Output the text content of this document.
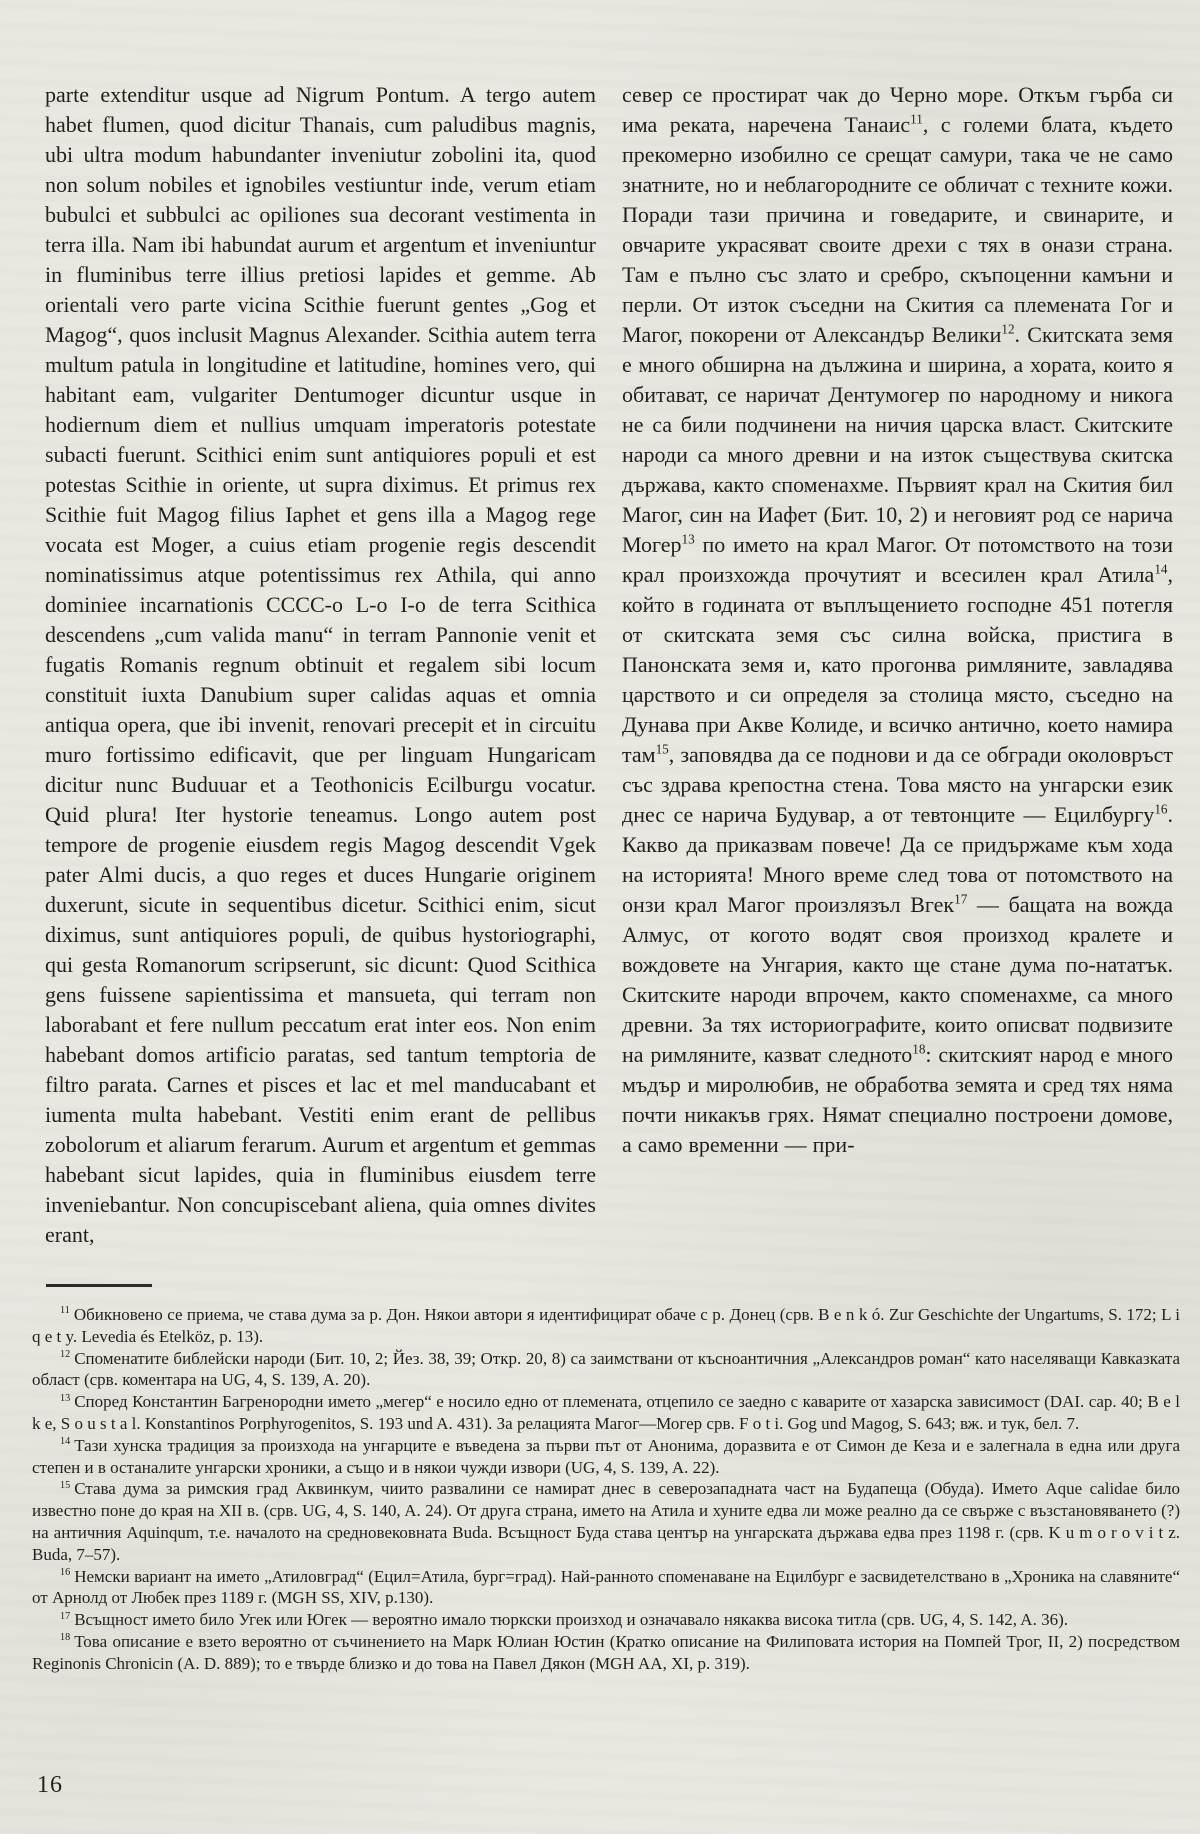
parte extenditur usque ad Nigrum Pontum. A tergo autem habet flumen, quod dicitur Thanais, cum paludibus magnis, ubi ultra modum habundanter inveniutur zobolini ita, quod non solum nobiles et ignobiles vestiuntur inde, verum etiam bubulci et subbulci ac opiliones sua decorant vestimenta in terra illa. Nam ibi habundat aurum et argentum et inveniuntur in fluminibus terre illius pretiosi lapides et gemme. Ab orientali vero parte vicina Scithie fuerunt gentes „Gog et Magog“, quos inclusit Magnus Alexander. Scithia autem terra multum patula in longitudine et latitudine, homines vero, qui habitant eam, vulgariter Dentumoger dicuntur usque in hodiernum diem et nullius umquam imperatoris potestate subacti fuerunt. Scithici enim sunt antiquiores populi et est potestas Scithie in oriente, ut supra diximus. Et primus rex Scithie fuit Magog filius Iaphet et gens illa a Magog rege vocata est Moger, a cuius etiam progenie regis descendit nominatissimus atque potentissimus rex Athila, qui anno dominiee incarnationis CCCC-o L-o I-o de terra Scithica descendens „cum valida manu“ in terram Pannonie venit et fugatis Romanis regnum obtinuit et regalem sibi locum constituit iuxta Danubium super calidas aquas et omnia antiqua opera, que ibi invenit, renovari precepit et in circuitu muro fortissimo edificavit, que per linguam Hungaricam dicitur nunc Buduuar et a Teothonicis Ecilburgu vocatur. Quid plura! Iter hystorie teneamus. Longo autem post tempore de progenie eiusdem regis Magog descendit Vgek pater Almi ducis, a quo reges et duces Hungarie originem duxerunt, sicute in sequentibus dicetur. Scithici enim, sicut diximus, sunt antiquiores populi, de quibus hystoriographi, qui gesta Romanorum scripserunt, sic dicunt: Quod Scithica gens fuissene sapientissima et mansueta, qui terram non laborabant et fere nullum peccatum erat inter eos. Non enim habebant domos artificio paratas, sed tantum temptoria de filtro parata. Carnes et pisces et lac et mel manducabant et iumenta multa habebant. Vestiti enim erant de pellibus zobolorum et aliarum ferarum. Aurum et argentum et gemmas habebant sicut lapides, quia in fluminibus eiusdem terre inveniebantur. Non concupiscebant aliena, quia omnes divites erant,
север се простират чак до Черно море. Откъм гърба си има реката, наречена Танаис$^{11}$, с големи блата, където прекомерно изобилно се срещат самури, така че не само знатните, но и неблагородните се обличат с техните кожи. Поради тази причина и говедарите, и свинарите, и овчарите украсяват своите дрехи с тях в онази страна. Там е пълно със злато и сребро, скъпоценни камъни и перли. От изток съседни на Скития са племената Гог и Магог, покорени от Александър Велики$^{12}$. Скитската земя е много обширна на дължина и ширина, а хората, които я обитават, се наричат Дентумогер по народному и никога не са били подчинени на ничия царска власт. Скитските народи са много древни и на изток съществува скитска държава, както споменахме. Първият крал на Скития бил Магог, син на Иафет (Бит. 10, 2) и неговият род се нарича Могер$^{13}$ по името на крал Магог. От потомството на този крал произхожда прочутият и всесилен крал Атила$^{14}$, който в годината от въплъщението господне 451 потегля от скитската земя със силна войска, пристига в Панонската земя и, като прогонва римляните, завладява царството и си определя за столица място, съседно на Дунава при Акве Колиде, и всичко антично, което намира там$^{15}$, заповядва да се поднови и да се обгради околовръст със здрава крепостна стена. Това място на унгарски език днес се нарича Будувар, а от тевтонците — Ецилбургу$^{16}$. Какво да приказвам повече! Да се придържаме към хода на историята! Много време след това от потомството на онзи крал Магог произлязъл Вгек$^{17}$ — бащата на вожда Алмус, от когото водят своя произход кралете и вождовете на Унгария, както ще стане дума по-нататък. Скитските народи впрочем, както споменахме, са много древни. За тях историографите, които описват подвизите на римляните, казват следното$^{18}$: скитският народ е много мъдър и миролюбив, не обработва земята и сред тях няма почти никакъв грях. Нямат специално построени домове, а само временни — при-

$^{11}$ Обикновено се приема, че става дума за р. Дон. Някои автори я идентифицират обаче с р. Донец (срв. B e n k ó. Zur Geschichte der Ungartums, S. 172; L i q e t y. Levedia és Etelköz, p. 13).

$^{12}$ Споменатите библейски народи (Бит. 10, 2; Йез. 38, 39; Откр. 20, 8) са заимствани от късноантичния „Александров роман“ като населяващи Кавказката област (срв. коментара на UG, 4, S. 139, A. 20).

$^{13}$ Според Константин Багренородни името „мегер“ е носило едно от племената, отцепило се заедно с каварите от хазарска зависимост (DAI. cap. 40; B e l k e, S o u s t a l. Konstantinos Porphyrogenitos, S. 193 und A. 431). За релацията Магог—Могер срв. F o t i. Gog und Magog, S. 643; вж. и тук, бел. 7.

$^{14}$ Тази хунска традиция за произхода на унгарците е въведена за първи път от Анонима, доразвита е от Симон де Кеза и е залегнала в една или друга степен и в останалите унгарски хроники, а също и в някои чужди извори (UG, 4, S. 139, A. 22).

$^{15}$ Става дума за римския град Аквинкум, чиито развалини се намират днес в северозападната част на Будапеща (Обуда). Името Aque calidae било известно поне до края на XII в. (срв. UG, 4, S. 140, A. 24). От друга страна, името на Атила и хуните едва ли може реално да се свърже с възстановяването (?) на античния Aquinqum, т.е. началото на средновековната Buda. Всъщност Буда става център на унгарската държава едва през 1198 г. (срв. K u m o r o v i t z. Buda, 7–57).

$^{16}$ Немски вариант на името „Атиловград“ (Ецил=Атила, бург=град). Най-ранното споменаване на Ецилбург е засвидетелствано в „Хроника на славяните“ от Арнолд от Любек през 1189 г. (MGH SS, XIV, p.130).

$^{17}$ Всъщност името било Угек или Югек — вероятно имало тюркски произход и означавало някаква висока титла (срв. UG, 4, S. 142, A. 36).

$^{18}$ Това описание е взето вероятно от съчинението на Марк Юлиан Юстин (Кратко описание на Филиповата история на Помпей Трог, II, 2) посредством Reginonis Chronicin (A. D. 889); то е твърде близко и до това на Павел Дякон (MGH AA, XI, p. 319).

16
